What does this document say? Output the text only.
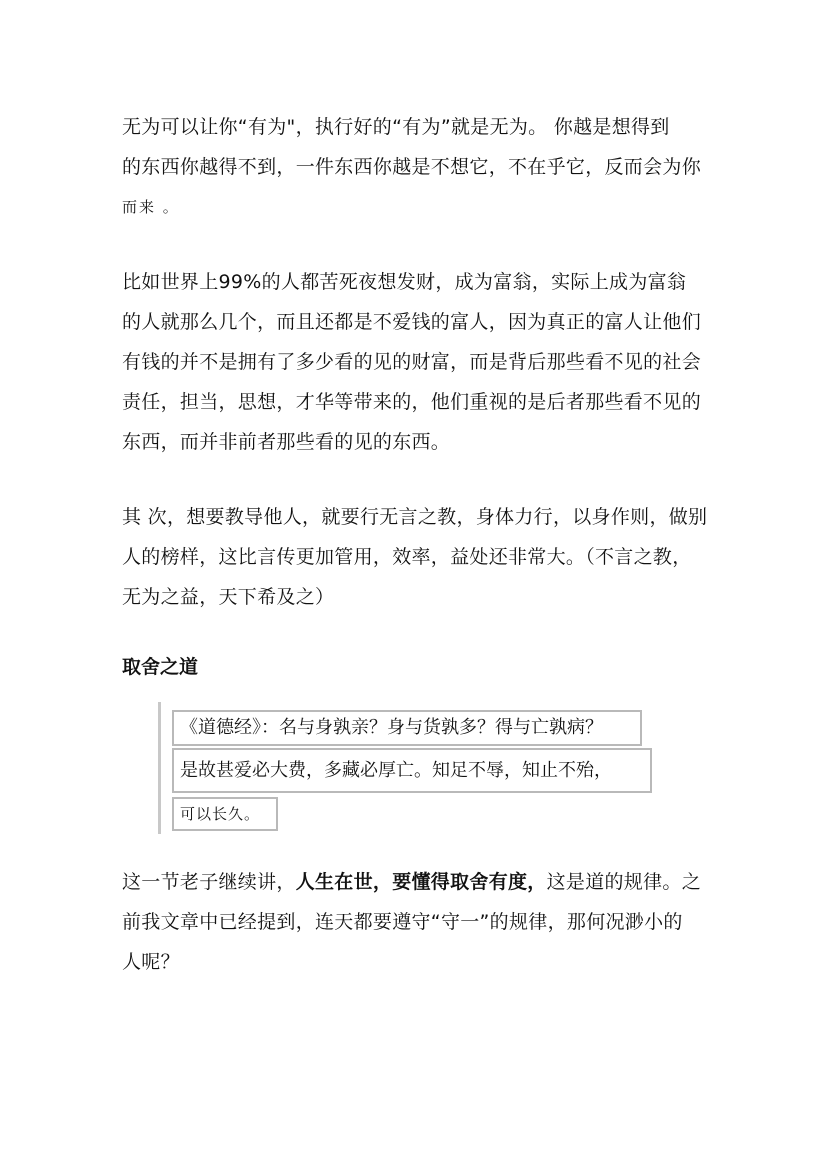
无为可以让你“有为"，执行好的“有为”就是无为。 你越是想得到
的东西你越得不到，一件东西你越是不想它，不在乎它，反而会为你
而来 。

比如世界上99%的人都苦死夜想发财，成为富翁，实际上成为富翁
的人就那么几个，而且还都是不爱钱的富人，因为真正的富人让他们
有钱的并不是拥有了多少看的见的财富，而是背后那些看不见的社会
责任，担当，思想，才华等带来的，他们重视的是后者那些看不见的
东西，而并非前者那些看的见的东西。

其 次，想要教导他人，就要行无言之教，身体力行，以身作则，做别
人的榜样，这比言传更加管用，效率，益处还非常大。（不言之教，
无为之益，天下希及之）

取舍之道
《道德经》：名与身孰亲？身与货孰多？得与亡孰病？
是故甚爱必大费，多藏必厚亡。知足不辱，知止不殆，
可以长久。

这一节老子继续讲，人生在世，要懂得取舍有度，这是道的规律。之
前我文章中已经提到，连天都要遵守“守一”的规律，那何况渺小的
人呢？
